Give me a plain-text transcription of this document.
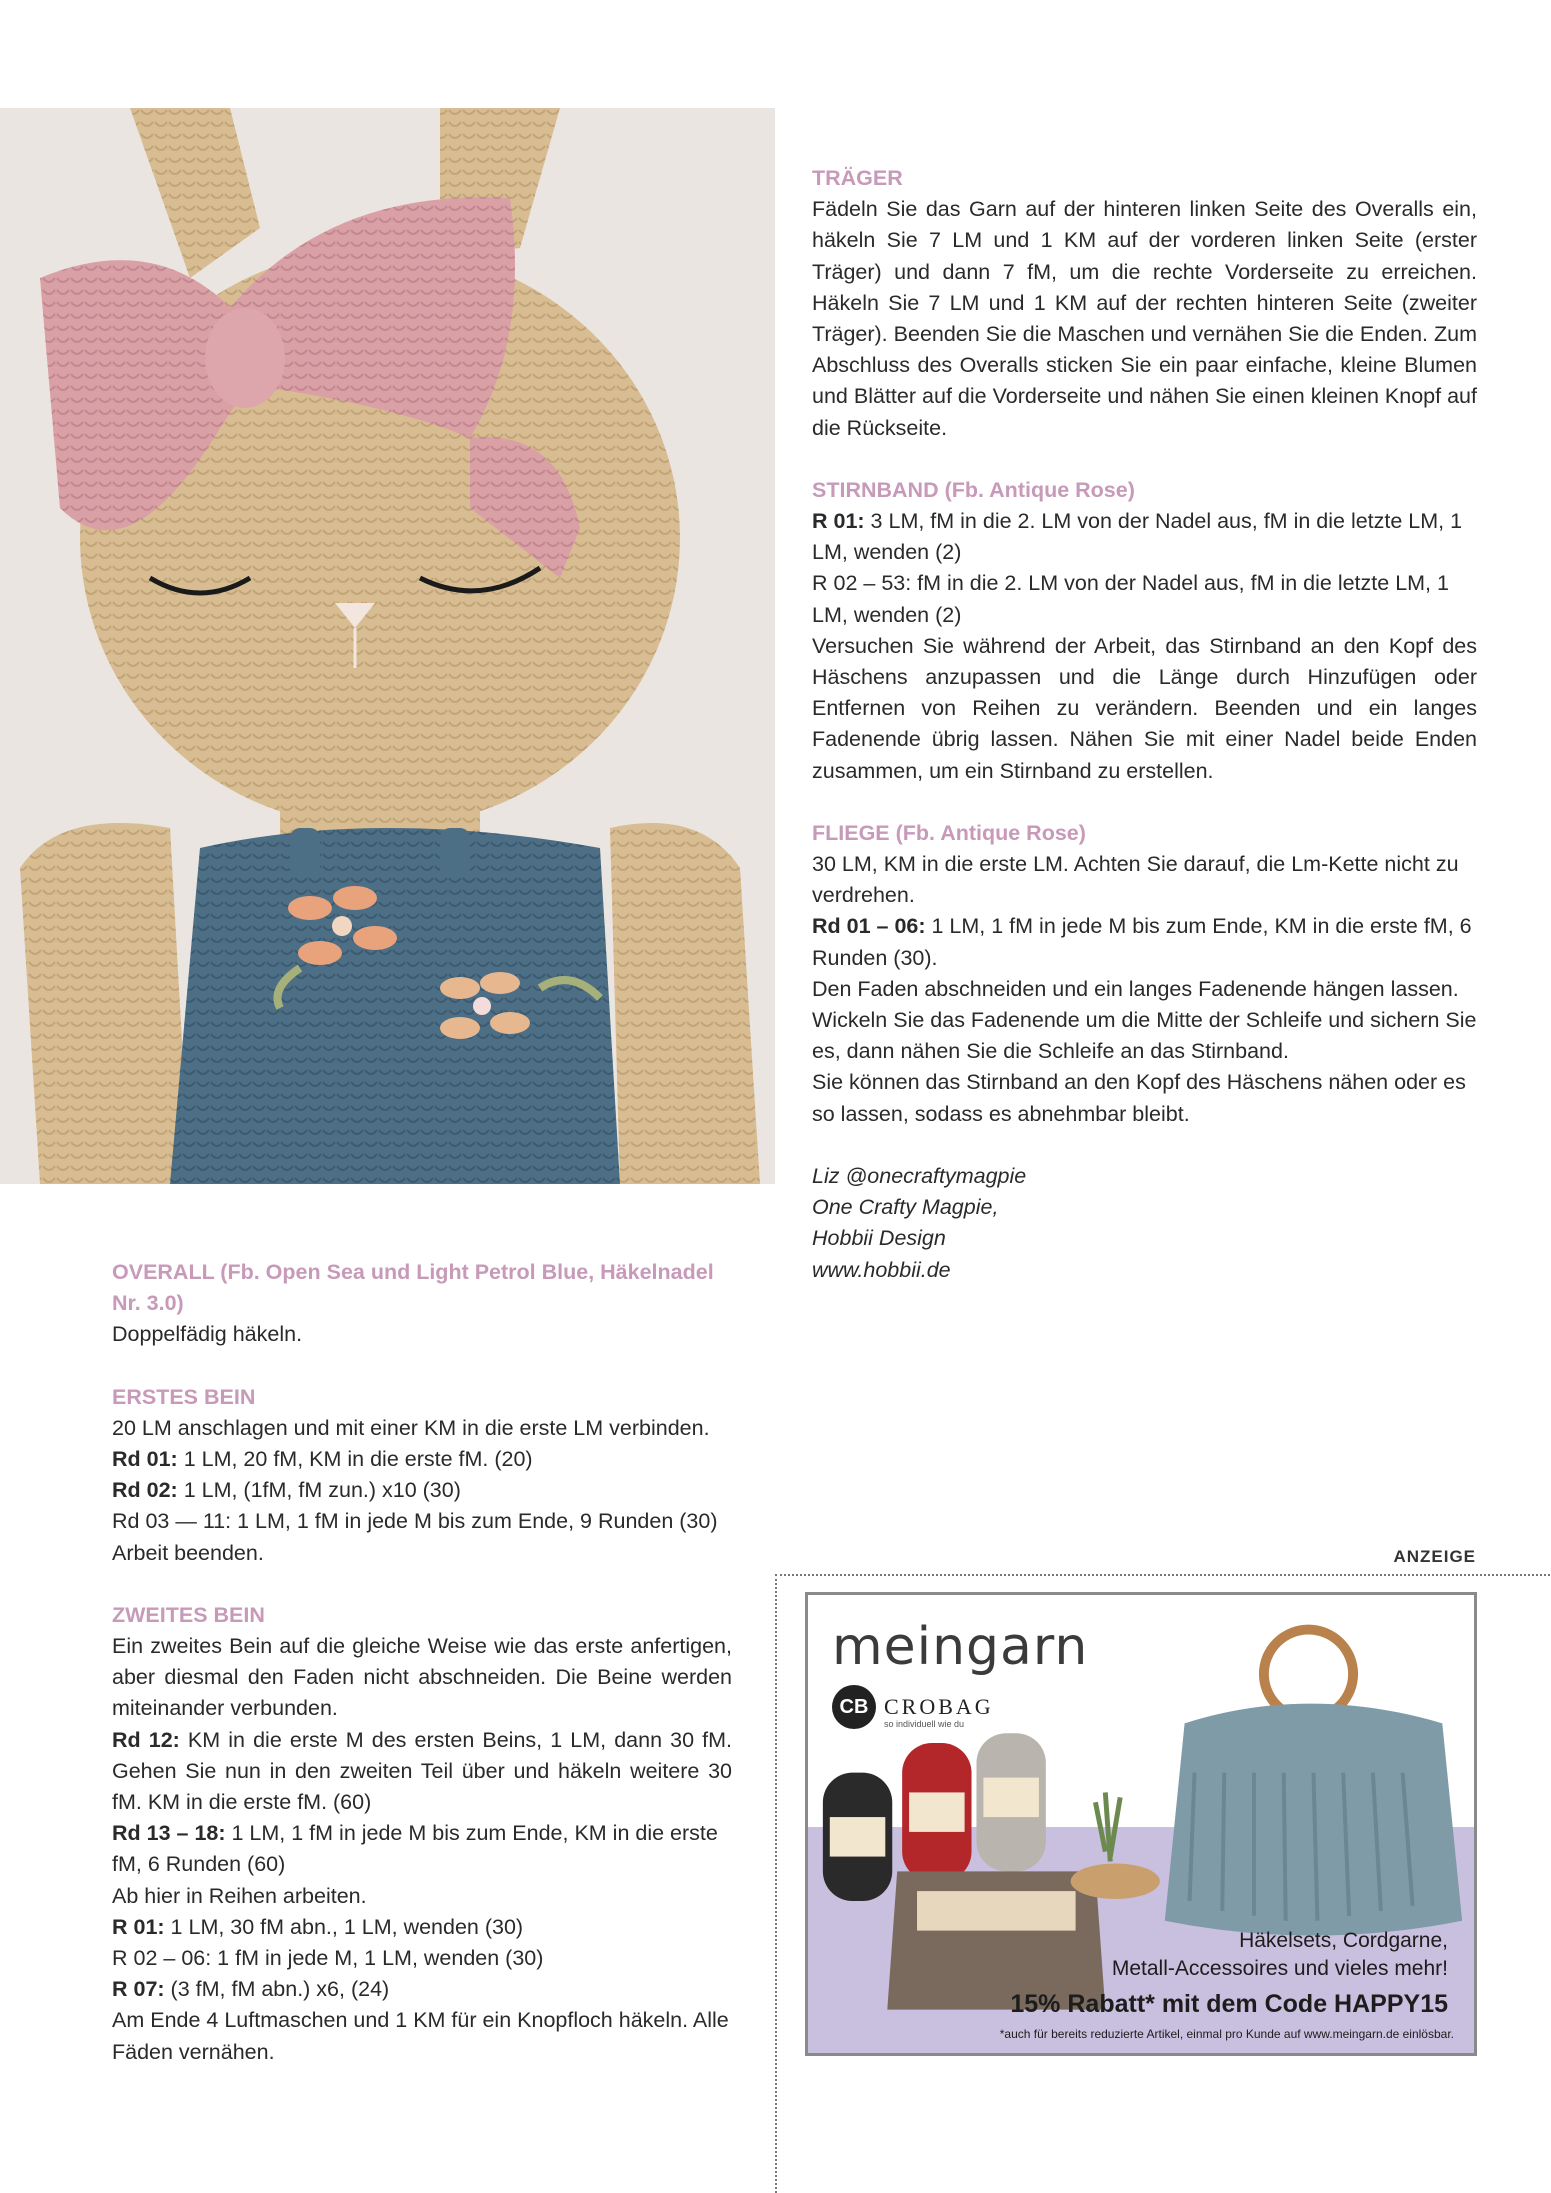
TRÄGER
Fädeln Sie das Garn auf der hinteren linken Seite des Overalls ein, häkeln Sie 7 LM und 1 KM auf der vorderen linken Seite (erster Träger) und dann 7 fM, um die rechte Vorderseite zu erreichen. Häkeln Sie 7 LM und 1 KM auf der rechten hinteren Seite (zweiter Träger). Beenden Sie die Maschen und vernähen Sie die Enden. Zum Abschluss des Overalls sticken Sie ein paar einfache, kleine Blumen und Blätter auf die Vorderseite und nähen Sie einen kleinen Knopf auf die Rückseite.
STIRNBAND (Fb. Antique Rose)
R 01: 3 LM, fM in die 2. LM von der Nadel aus, fM in die letzte LM, 1 LM, wenden (2)
R 02 – 53: fM in die 2. LM von der Nadel aus, fM in die letzte LM, 1 LM, wenden (2)
Versuchen Sie während der Arbeit, das Stirnband an den Kopf des Häschens anzupassen und die Länge durch Hinzufügen oder Entfernen von Reihen zu verändern. Beenden und ein langes Fadenende übrig lassen. Nähen Sie mit einer Nadel beide Enden zusammen, um ein Stirnband zu erstellen.
FLIEGE (Fb. Antique Rose)
30 LM, KM in die erste LM. Achten Sie darauf, die Lm-Kette nicht zu verdrehen.
Rd 01 – 06: 1 LM, 1 fM in jede M bis zum Ende, KM in die erste fM, 6 Runden (30).
Den Faden abschneiden und ein langes Fadenende hängen lassen.
Wickeln Sie das Fadenende um die Mitte der Schleife und sichern Sie es, dann nähen Sie die Schleife an das Stirnband.
Sie können das Stirnband an den Kopf des Häschens nähen oder es so lassen, sodass es abnehmbar bleibt.
Liz @onecraftymagpie
One Crafty Magpie,
Hobbii Design
www.hobbii.de
OVERALL (Fb. Open Sea und Light Petrol Blue, Häkelnadel Nr. 3.0)
Doppelfädig häkeln.
ERSTES BEIN
20 LM anschlagen und mit einer KM in die erste LM verbinden.
Rd 01: 1 LM, 20 fM, KM in die erste fM. (20)
Rd 02: 1 LM, (1fM, fM zun.) x10 (30)
Rd 03 — 11: 1 LM, 1 fM in jede M bis zum Ende, 9 Runden (30)
Arbeit beenden.
ZWEITES BEIN
Ein zweites Bein auf die gleiche Weise wie das erste anfertigen, aber diesmal den Faden nicht abschneiden. Die Beine werden miteinander verbunden.
Rd 12: KM in die erste M des ersten Beins, 1 LM, dann 30 fM. Gehen Sie nun in den zweiten Teil über und häkeln weitere 30 fM. KM in die erste fM. (60)
Rd 13 – 18: 1 LM, 1 fM in jede M bis zum Ende, KM in die erste fM, 6 Runden (60)
Ab hier in Reihen arbeiten.
R 01: 1 LM, 30 fM abn., 1 LM, wenden (30)
R 02 – 06: 1 fM in jede M, 1 LM, wenden (30)
R 07: (3 fM, fM abn.) x6, (24)
Am Ende 4 Luftmaschen und 1 KM für ein Knopfloch häkeln. Alle Fäden vernähen.
ANZEIGE
meingarn
CB CROBAG
so individuell wie du
Häkelsets, Cordgarne,
Metall-Accessoires und vieles mehr!
15% Rabatt* mit dem Code HAPPY15
*auch für bereits reduzierte Artikel, einmal pro Kunde auf www.meingarn.de einlösbar.
